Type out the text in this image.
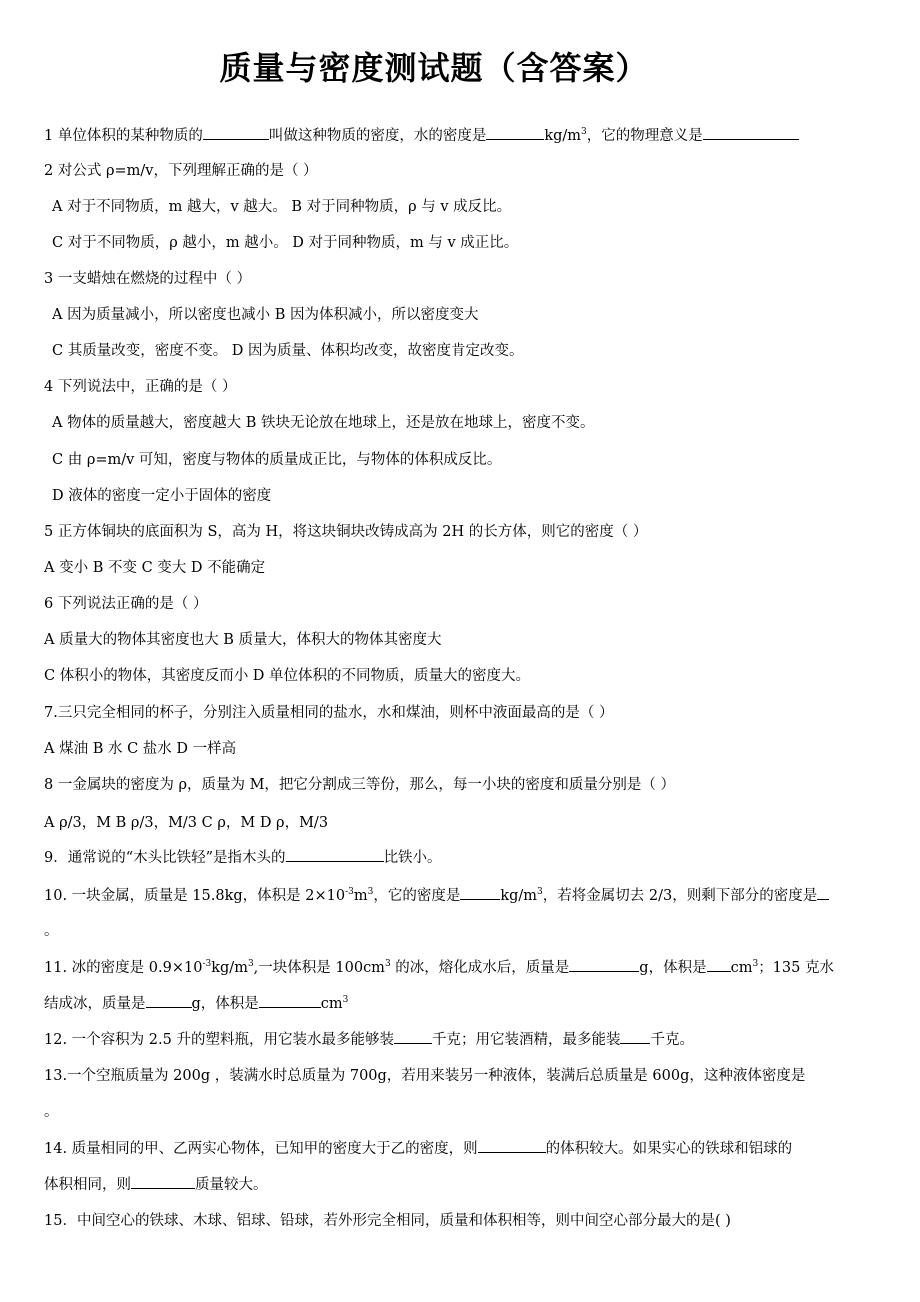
质量与密度测试题（含答案）
1 单位体积的某种物质的	叫做这种物质的密度，水的密度是	$kg/m^3$，它的物理意义是
2 对公式 ρ=m/v，下列理解正确的是（ ）
A 对于不同物质，m 越大，v 越大。 B 对于同种物质，ρ 与 v 成反比。
C 对于不同物质，ρ 越小，m 越小。 D 对于同种物质，m 与 v 成正比。
3 一支蜡烛在燃烧的过程中（ ）
A 因为质量减小，所以密度也减小 B 因为体积减小，所以密度变大
C 其质量改变，密度不变。 D 因为质量、体积均改变，故密度肯定改变。
4 下列说法中，正确的是（ ）
A 物体的质量越大，密度越大 B 铁块无论放在地球上，还是放在地球上，密度不变。
C 由 ρ=m/v 可知，密度与物体的质量成正比，与物体的体积成反比。
D 液体的密度一定小于固体的密度
5 正方体铜块的底面积为 S，高为 H，将这块铜块改铸成高为 2H 的长方体，则它的密度（ ）
A 变小 B 不变 C 变大 D 不能确定
6 下列说法正确的是（ ）
A 质量大的物体其密度也大 B 质量大，体积大的物体其密度大
C 体积小的物体，其密度反而小 D 单位体积的不同物质，质量大的密度大。
7.三只完全相同的杯子，分别注入质量相同的盐水，水和煤油，则杯中液面最高的是（ ）
A 煤油 B 水 C 盐水 D 一样高
8 一金属块的密度为 ρ，质量为 M，把它分割成三等份，那么，每一小块的密度和质量分别是（ ）
A ρ/3，M B ρ/3，M/3 C ρ，M D ρ，M/3
9．通常说的“木头比铁轻”是指木头的	比铁小。
10. 一块金属，质量是 15.8kg，体积是 $2\times 10^{-3}m^3$，它的密度是	$kg/m^3$，若将金属切去 2/3，则剩下部分的密度是
。
11. 冰的密度是 $0.9\times 10^{-3}kg/m^3$,一块体积是 $100cm^3$ 的冰，熔化成水后，质量是	g，体积是 $cm^3$；135 克水
结成冰，质量是	g，体积是	$cm^3$
12. 一个容积为 2.5 升的塑料瓶，用它装水最多能够装	千克；用它装酒精，最多能装 千克。
13.一个空瓶质量为 200g ，装满水时总质量为 700g，若用来装另一种液体，装满后总质量是 600g，这种液体密度是
。
14. 质量相同的甲、乙两实心物体，已知甲的密度大于乙的密度，则	的体积较大。如果实心的铁球和铝球的
体积相同，则	质量较大。
15．中间空心的铁球、木球、铝球、铅球，若外形完全相同，质量和体积相等，则中间空心部分最大的是( )
